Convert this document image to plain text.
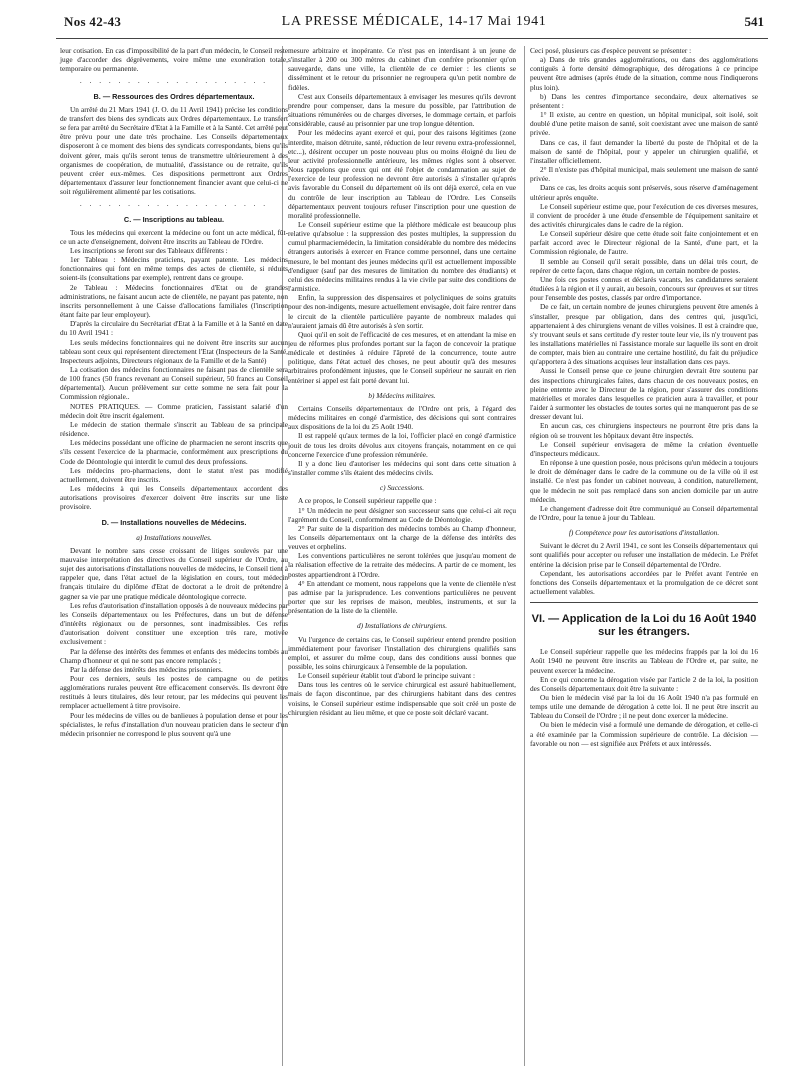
Nos 42-43	LA PRESSE MÉDICALE, 14-17 Mai 1941	541

leur cotisation. En cas d'impossibilité de la part d'un médecin, le Conseil reste juge d'accorder des dégrèvements, voire même une exonération totale, temporaire ou permanente.

. . . . . . . . . . . . . . . . . . . .
B. — Ressources des Ordres départementaux.

Un arrêté du 21 Mars 1941 (J. O. du 11 Avril 1941) précise les conditions de transfert des biens des syndicats aux Ordres départementaux. Le transfert se fera par arrêté du Secrétaire d'Etat à la Famille et à la Santé. Cet arrêté peut être prévu pour une date très prochaine. Les Conseils départementaux disposeront à ce moment des biens des syndicats correspondants, biens qu'ils doivent gérer, mais qu'ils seront tenus de transmettre ultérieurement à des organismes de coopération, de mutualité, d'assistance ou de retraite, qu'ils peuvent créer eux-mêmes. Ces dispositions permettront aux Ordres départementaux d'assurer leur fonctionnement financier avant que celui-ci ne soit régulièrement alimenté par les cotisations.

. . . . . . . . . . . . . . . . . . . .
C. — Inscriptions au tableau.

Tous les médecins qui exercent la médecine ou font un acte médical, fût-ce un acte d'enseignement, doivent être inscrits au Tableau de l'Ordre.

Les inscriptions se feront sur des Tableaux différents :

1er Tableau : Médecins praticiens, payant patente. Les médecins fonctionnaires qui font en même temps des actes de clientèle, si réduits soient-ils (consultations par exemple), rentrent dans ce groupe.

2e Tableau : Médecins fonctionnaires d'Etat ou de grandes administrations, ne faisant aucun acte de clientèle, ne payant pas patente, non inscrits personnellement à une Caisse d'allocations familiales (l'inscription étant faite par leur employeur).

D'après la circulaire du Secrétariat d'Etat à la Famille et à la Santé en date du 10 Avril 1941 :

Les seuls médecins fonctionnaires qui ne doivent être inscrits sur aucun tableau sont ceux qui représentent directement l'Etat (Inspecteurs de la Santé, Inspecteurs adjoints, Directeurs régionaux de la Famille et de la Santé)

La cotisation des médecins fonctionnaires ne faisant pas de clientèle sera de 100 francs (50 francs revenant au Conseil supérieur, 50 francs au Conseil départemental). Aucun prélèvement sur cette somme ne sera fait pour la Commission régionale..

NOTES PRATIQUES. — Comme praticien, l'assistant salarié d'un médecin doit être inscrit également.

Le médecin de station thermale s'inscrit au Tableau de sa principale résidence.

Les médecins possédant une officine de pharmacien ne seront inscrits que s'ils cessent l'exercice de la pharmacie, conformément aux prescriptions du Code de Déontologie qui interdit le cumul des deux professions.

Les médecins pro-pharmaciens, dont le statut n'est pas modifié actuellement, doivent être inscrits.

Les médecins à qui les Conseils départementaux accordent des autorisations provisoires d'exercer doivent être inscrits sur une liste provisoire.

D. — Installations nouvelles de Médecins.
a) Installations nouvelles.

Devant le nombre sans cesse croissant de litiges soulevés par une mauvaise interprétation des directives du Conseil supérieur de l'Ordre, au sujet des autorisations d'installations nouvelles de médecins, le Conseil tient à rappeler que, dans l'état actuel de la législation en cours, tout médecin français titulaire du diplôme d'Etat de doctorat a le droit de prétendre à gagner sa vie par une pratique médicale déontologique correcte.

Les refus d'autorisation d'installation opposés à de nouveaux médecins par les Conseils départementaux ou les Préfectures, dans un but de défense d'intérêts régionaux ou de personnes, sont inadmissibles. Ces refus d'autorisation doivent constituer une exception très rare, motivée exclusivement :

Par la défense des intérêts des femmes et enfants des médecins tombés au Champ d'honneur et qui ne sont pas encore remplacés ;

Par la défense des intérêts des médecins prisonniers.

Pour ces derniers, seuls les postes de campagne ou de petites agglomérations rurales peuvent être efficacement conservés. Ils devront être restitués à leurs titulaires, dès leur retour, par les médecins qui peuvent les remplacer actuellement à titre provisoire.

Pour les médecins de villes ou de banlieues à population dense et pour les spécialistes, le refus d'installation d'un nouveau praticien dans le secteur d'un médecin prisonnier ne correspond le plus souvent qu'à une

mesure arbitraire et inopérante. Ce n'est pas en interdisant à un jeune de s'installer à 200 ou 300 mètres du cabinet d'un confrère prisonnier qu'on sauvegarde, dans une ville, la clientèle de ce dernier : les clients se disséminent et le retour du prisonnier ne regroupera qu'un petit nombre de fidèles.

C'est aux Conseils départementaux à envisager les mesures qu'ils devront prendre pour compenser, dans la mesure du possible, par l'attribution de situations rémunérées ou de charges diverses, le dommage certain, et parfois considérable, causé au prisonnier par une trop longue détention.

Pour les médecins ayant exercé et qui, pour des raisons légitimes (zone interdite, maison détruite, santé, réduction de leur revenu extra-professionnel, etc...), désirent occuper un poste nouveau plus ou moins éloigné du lieu de leur activité professionnelle antérieure, les mêmes règles sont à observer. Nous rappelons que ceux qui ont été l'objet de condamnation au sujet de l'exercice de leur profession ne devront être autorisés à s'installer qu'après avis favorable du Conseil du département où ils ont déjà exercé, cela en vue du contrôle de leur inscription au Tableau de l'Ordre. Les Conseils départementaux peuvent toujours refuser l'inscription pour une question de moralité professionnelle.

Le Conseil supérieur estime que la pléthore médicale est beaucoup plus relative qu'absolue : la suppression des postes multiples, la suppression du cumul pharmaciemédecin, la limitation considérable du nombre des médecins étrangers autorisés à exercer en France comme personnel, dans une certaine mesure, le bel montant des jeunes médecins qu'il est actuellement impossible d'endiguer (sauf par des mesures de limitation du nombre des étudiants) et celui des médecins militaires rendus à la vie civile par suite des conditions de l'armistice.

Enfin, la suppression des dispensaires et polycliniques de soins gratuits pour des non-indigents, mesure actuellement envisagée, doit faire rentrer dans le circuit de la clientèle particulière payante de nombreux malades qui n'auraient jamais dû être autorisés à s'en sortir.

Quoi qu'il en soit de l'efficacité de ces mesures, et en attendant la mise en jeu de réformes plus profondes portant sur la façon de concevoir la pratique médicale et destinées à réduire l'âpreté de la concurrence, toute autre politique, dans l'état actuel des choses, ne peut aboutir qu'à des mesures arbitraires profondément injustes, que le Conseil supérieur ne saurait en rien entériner si appel est fait porté devant lui.

b) Médecins militaires.

Certains Conseils départementaux de l'Ordre ont pris, à l'égard des médecins militaires en congé d'armistice, des décisions qui sont contraires aux dispositions de la loi du 25 Août 1940.

Il est rappelé qu'aux termes de la loi, l'officier placé en congé d'armistice jouit de tous les droits dévolus aux citoyens français, notamment en ce qui concerne l'exercice d'une profession rémunérée.

Il y a donc lieu d'autoriser les médecins qui sont dans cette situation à s'installer comme s'ils étaient des médecins civils.

c) Successions.

A ce propos, le Conseil supérieur rappelle que :

1° Un médecin ne peut désigner son successeur sans que celui-ci ait reçu l'agrément du Conseil, conformément au Code de Déontologie.

2° Par suite de la disparition des médecins tombés au Champ d'honneur, les Conseils départementaux ont la charge de la défense des intérêts des veuves et orphelins.

Les conventions particulières ne seront tolérées que jusqu'au moment de la réalisation effective de la retraite des médecins. A partir de ce moment, les postes appartiendront à l'Ordre.

4° En attendant ce moment, nous rappelons que la vente de clientèle n'est pas admise par la jurisprudence. Les conventions particulières ne peuvent porter que sur les reprises de maison, meubles, instruments, et sur la présentation de la liste de la clientèle.

d) Installations de chirurgiens.

Vu l'urgence de certains cas, le Conseil supérieur entend prendre position immédiatement pour favoriser l'installation des chirurgiens qualifiés sans emploi, et assurer du même coup, dans des conditions aussi bonnes que possible, les soins chirurgicaux à l'ensemble de la population.

Le Conseil supérieur établit tout d'abord le principe suivant :

Dans tous les centres où le service chirurgical est assuré habituellement, mais de façon discontinue, par des chirurgiens habitant dans des centres voisins, le Conseil supérieur estime indispensable que soit créé un poste de chirurgien résidant au lieu même, et que ce poste soit déclaré vacant.

Ceci posé, plusieurs cas d'espèce peuvent se présenter :

a) Dans de très grandes agglomérations, ou dans des agglomérations contiguës à forte densité démographique, des dérogations à ce principe peuvent être admises (après étude de la situation, comme nous l'indiquerons plus loin).

b) Dans les centres d'importance secondaire, deux alternatives se présentent :

1° Il existe, au centre en question, un hôpital municipal, soit isolé, soit doublé d'une petite maison de santé, soit coexistant avec une maison de santé privée.

Dans ce cas, il faut demander la liberté du poste de l'hôpital et de la maison de santé de l'hôpital, pour y appeler un chirurgien qualifié, et l'installer officiellement.

2° Il n'existe pas d'hôpital municipal, mais seulement une maison de santé privée.

Dans ce cas, les droits acquis sont préservés, sous réserve d'aménagement ultérieur après enquête.

Le Conseil supérieur estime que, pour l'exécution de ces diverses mesures, il convient de procéder à une étude d'ensemble de l'équipement sanitaire et des activités chirurgicales dans le cadre de la région.

Le Conseil supérieur désire que cette étude soit faite conjointement et en parfait accord avec le Directeur régional de la Santé, d'une part, et la Commission régionale, de l'autre.

Il semble au Conseil qu'il serait possible, dans un délai très court, de repérer de cette façon, dans chaque région, un certain nombre de postes.

Une fois ces postes connus et déclarés vacants, les candidatures seraient étudiées à la région et il y aurait, au besoin, concours sur épreuves et sur titres pour l'ensemble des postes, classés par ordre d'importance.

De ce fait, un certain nombre de jeunes chirurgiens peuvent être amenés à s'installer, presque par obligation, dans des centres qui, jusqu'ici, appartenaient à des chirurgiens venant de villes voisines. Il est à craindre que, s'y trouvant seuls et sans certitude d'y rester toute leur vie, ils n'y trouvent pas les installations matérielles ni l'assistance morale sur laquelle ils sont en droit de compter, mais bien au contraire une certaine hostilité, du fait du préjudice qu'apportera à des situations acquises leur installation dans ces pays.

Aussi le Conseil pense que ce jeune chirurgien devrait être soutenu par des inspections chirurgicales faites, dans chacun de ces nouveaux postes, en pleine entente avec le Directeur de la région, pour s'assurer des conditions matérielles et morales dans lesquelles ce praticien aura à travailler, et pour l'aider à surmonter les obstacles de toutes sortes qui ne manqueront pas de se dresser devant lui.

En aucun cas, ces chirurgiens inspecteurs ne pourront être pris dans la région où se trouvent les hôpitaux devant être inspectés.

Le Conseil supérieur envisagera de même la création éventuelle d'inspecteurs médicaux.

En réponse à une question posée, nous précisons qu'un médecin a toujours le droit de déménager dans le cadre de la commune ou de la ville où il est installé. Ce n'est pas fonder un cabinet nouveau, à condition, naturellement, que le médecin ne soit pas remplacé dans son ancien domicile par un autre médecin.

Le changement d'adresse doit être communiqué au Conseil départemental de l'Ordre, pour la tenue à jour du Tableau.

f) Compétence pour les autorisations d'installation.

Suivant le décret du 2 Avril 1941, ce sont les Conseils départementaux qui sont qualifiés pour accepter ou refuser une installation de médecin. Le Préfet entérine la décision prise par le Conseil départemental de l'Ordre.

Cependant, les autorisations accordées par le Préfet avant l'entrée en fonctions des Conseils départementaux et la promulgation de ce décret sont actuellement valables.

VI. — Application de la Loi du 16 Août 1940 sur les étrangers.

Le Conseil supérieur rappelle que les médecins frappés par la loi du 16 Août 1940 ne peuvent être inscrits au Tableau de l'Ordre et, par suite, ne peuvent exercer la médecine.

En ce qui concerne la dérogation visée par l'article 2 de la loi, la position des Conseils départementaux doit être la suivante :

Ou bien le médecin visé par la loi du 16 Août 1940 n'a pas formulé en temps utile une demande de dérogation à cette loi. Il ne peut être inscrit au Tableau du Conseil de l'Ordre ; il ne peut donc exercer la médecine.

Ou bien le médecin visé a formulé une demande de dérogation, et celle-ci a été examinée par la Commission supérieure de contrôle. La décision — favorable ou non — est signifiée aux Préfets et aux intéressés.
